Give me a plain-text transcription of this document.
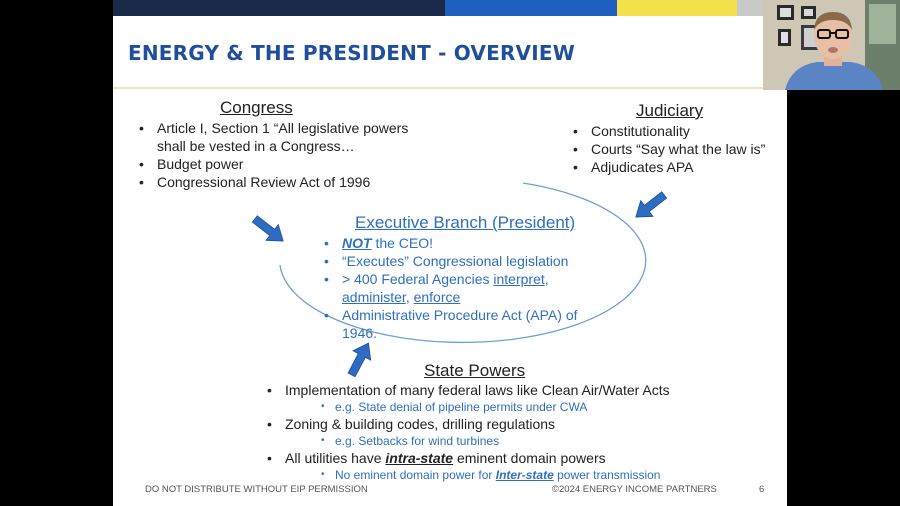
ENERGY & THE PRESIDENT - OVERVIEW
Congress
• Article I, Section 1 “All legislative powers shall be vested in a Congress…
• Budget power
• Congressional Review Act of 1996
Judiciary
• Constitutionality
• Courts “Say what the law is”
• Adjudicates APA
Executive Branch (President)
• NOT the CEO!
• “Executes” Congressional legislation
• > 400 Federal Agencies interpret, administer, enforce
• Administrative Procedure Act (APA) of 1946.
State Powers
• Implementation of many federal laws like Clean Air/Water Acts
• e.g. State denial of pipeline permits under CWA
• Zoning & building codes, drilling regulations
• e.g. Setbacks for wind turbines
• All utilities have intra-state eminent domain powers
• No eminent domain power for Inter-state power transmission
DO NOT DISTRIBUTE WITHOUT EIP PERMISSION	©2024 ENERGY INCOME PARTNERS	6
